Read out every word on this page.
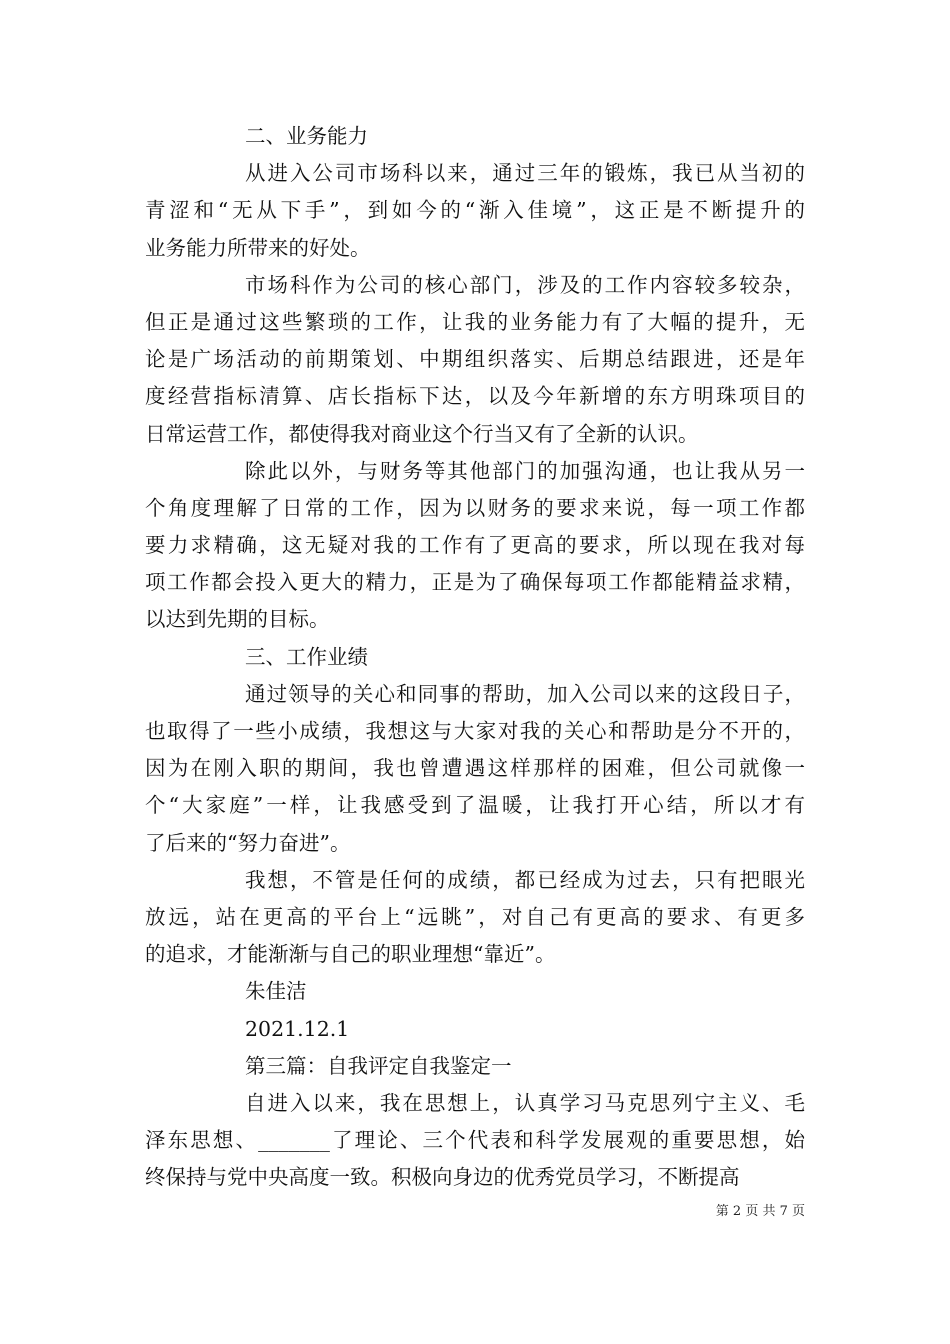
二、业务能力

从进入公司市场科以来，通过三年的锻炼，我已从当初的
青涩和“无从下手”，到如今的“渐入佳境”，这正是不断提升的
业务能力所带来的好处。

市场科作为公司的核心部门，涉及的工作内容较多较杂，
但正是通过这些繁琐的工作，让我的业务能力有了大幅的提升，无
论是广场活动的前期策划、中期组织落实、后期总结跟进，还是年
度经营指标清算、店长指标下达，以及今年新增的东方明珠项目的
日常运营工作，都使得我对商业这个行当又有了全新的认识。

除此以外，与财务等其他部门的加强沟通，也让我从另一
个角度理解了日常的工作，因为以财务的要求来说，每一项工作都
要力求精确，这无疑对我的工作有了更高的要求，所以现在我对每
项工作都会投入更大的精力，正是为了确保每项工作都能精益求精，
以达到先期的目标。

三、工作业绩

通过领导的关心和同事的帮助，加入公司以来的这段日子，
也取得了一些小成绩，我想这与大家对我的关心和帮助是分不开的，
因为在刚入职的期间，我也曾遭遇这样那样的困难，但公司就像一
个“大家庭”一样，让我感受到了温暖，让我打开心结，所以才有
了后来的“努力奋进”。

我想，不管是任何的成绩，都已经成为过去，只有把眼光
放远，站在更高的平台上“远眺”，对自己有更高的要求、有更多
的追求，才能渐渐与自己的职业理想“靠近”。

朱佳洁

2021.12.1

第三篇：自我评定自我鉴定一

自进入以来，我在思想上，认真学习马克思列宁主义、毛
泽东思想、_______了理论、三个代表和科学发展观的重要思想，始
终保持与党中央高度一致。积极向身边的优秀党员学习，不断提高

第 2 页 共 7 页
